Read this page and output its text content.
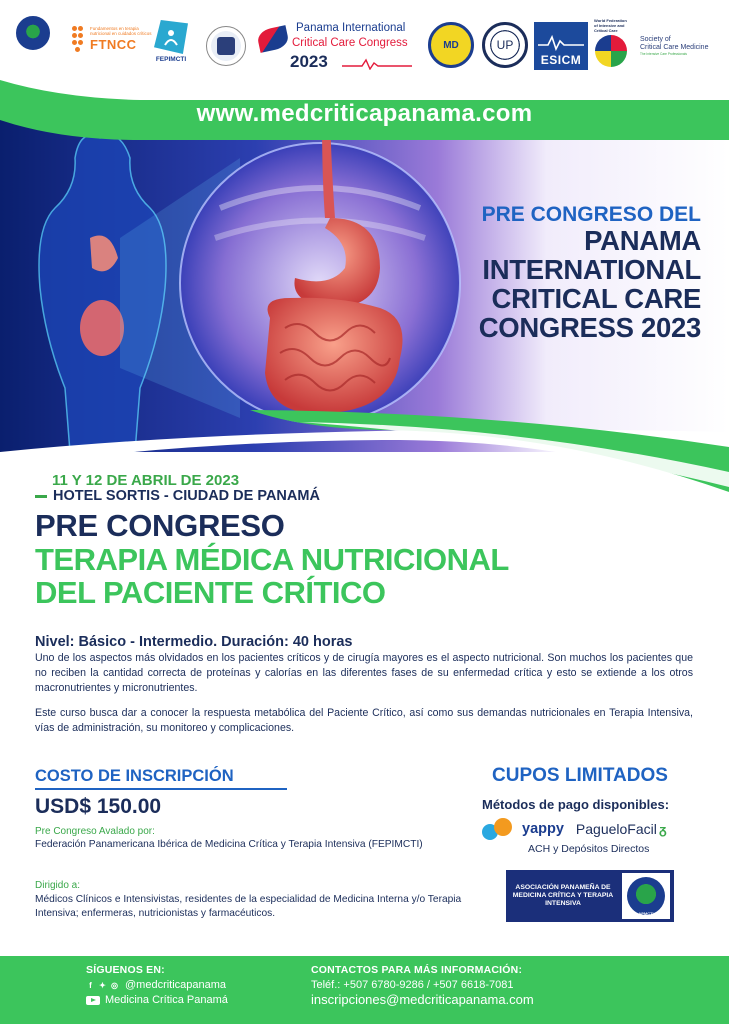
Fundamentos en terapia nutricional en cuidados críticos
FTNCC
FEPIMCTI
Panama International
Critical Care Congress
2023
MD	UP
ESICM
World Federation of Intensive and Critical Care
Society of
Critical Care Medicine
The Intensive Care Professionals
PRE CONGRESO DEL
PANAMA
INTERNATIONAL
CRITICAL CARE
CONGRESS 2023
www.medcriticapanama.com
11 Y 12 DE ABRIL DE 2023
HOTEL SORTIS - CIUDAD DE PANAMÁ
PRE CONGRESO
TERAPIA MÉDICA NUTRICIONAL
DEL PACIENTE CRÍTICO
Nivel: Básico - Intermedio. Duración: 40 horas

Uno de los aspectos más olvidados en los pacientes críticos y de cirugía mayores es el aspecto nutricional. Son muchos los pacientes que no reciben la cantidad correcta de proteínas y calorías en las diferentes fases de su enfermedad crítica y esto se extiende a los otros macronutrientes y micronutrientes.

Este curso busca dar a conocer la respuesta metabólica del Paciente Crítico, así como sus demandas nutricionales en Terapia Intensiva, vías de administración, su monitoreo y complicaciones.

COSTO DE INSCRIPCIÓN
USD$ 150.00
Pre Congreso Avalado por:
Federación Panamericana Ibérica de Medicina Crítica y Terapia Intensiva (FEPIMCTI)
Dirigido a:
Médicos Clínicos e Intensivistas, residentes de la especialidad de Medicina Interna y/o Terapia Intensiva; enfermeras, nutricionistas y farmacéuticos.
CUPOS LIMITADOS
Métodos de pago disponibles:
yappy PagueloFacil ᵹ
ACH y Depósitos Directos
ASOCIACIÓN PANAMEÑA DE MEDICINA CRÍTICA Y TERAPIA INTENSIVA
APMCTI
SÍGUENOS EN:
f ✦ ◎ @medcriticapanama
Medicina Crítica Panamá
CONTACTOS PARA MÁS INFORMACIÓN:
Teléf.: +507 6780-9286 / +507 6618-7081
inscripciones@medcriticapanama.com
